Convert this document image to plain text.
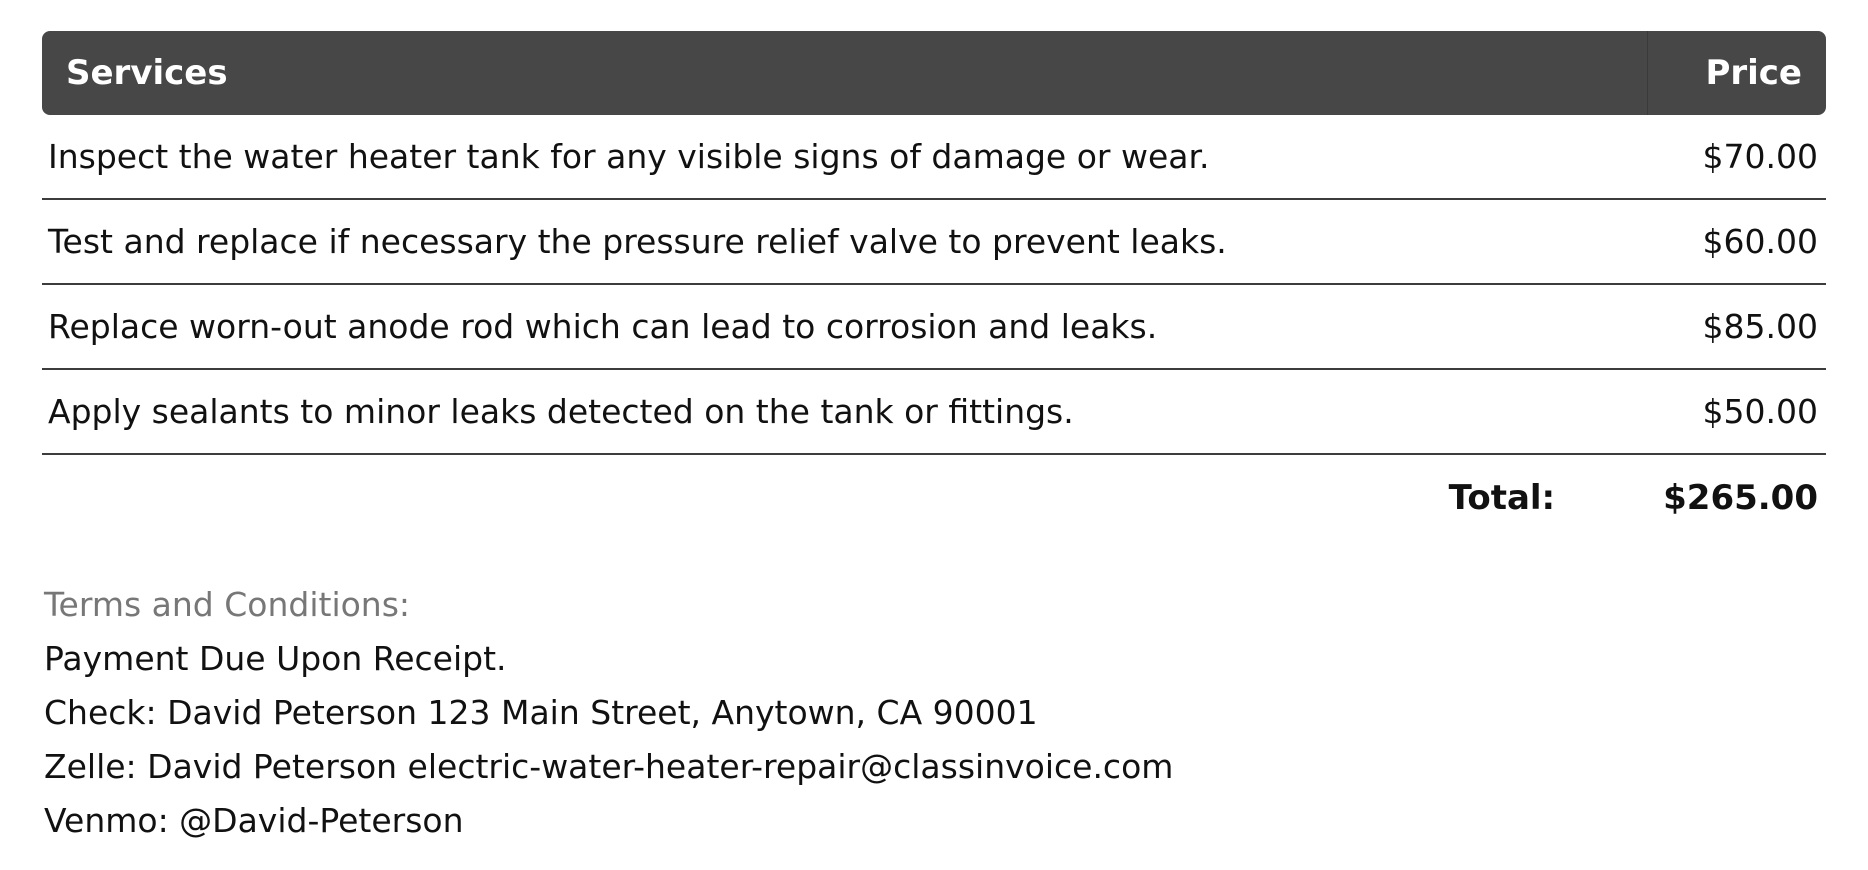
Services	Price
Inspect the water heater tank for any visible signs of damage or wear.	$70.00
Test and replace if necessary the pressure relief valve to prevent leaks.	$60.00
Replace worn-out anode rod which can lead to corrosion and leaks.	$85.00
Apply sealants to minor leaks detected on the tank or fittings.	$50.00
Total:	$265.00
Terms and Conditions:
Payment Due Upon Receipt.
Check: David Peterson 123 Main Street, Anytown, CA 90001
Zelle: David Peterson electric-water-heater-repair@classinvoice.com
Venmo: @David-Peterson
